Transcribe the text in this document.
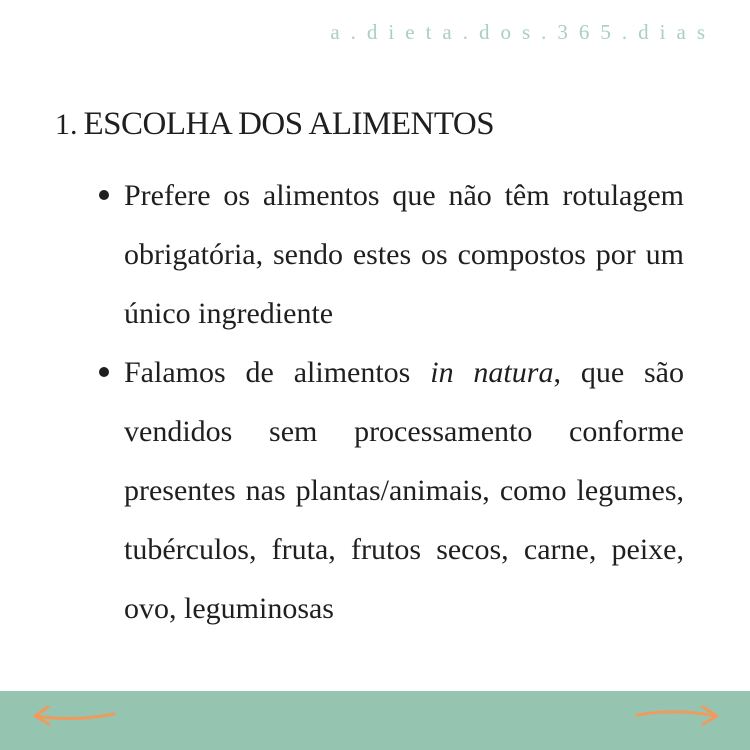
a.dieta.dos.365.dias
1. ESCOLHA DOS ALIMENTOS
Prefere os alimentos que não têm rotulagem obrigatória, sendo estes os compostos por um único ingrediente
Falamos de alimentos in natura, que são vendidos sem processamento conforme presentes nas plantas/animais, como legumes, tubérculos, fruta, frutos secos, carne, peixe, ovo, leguminosas
